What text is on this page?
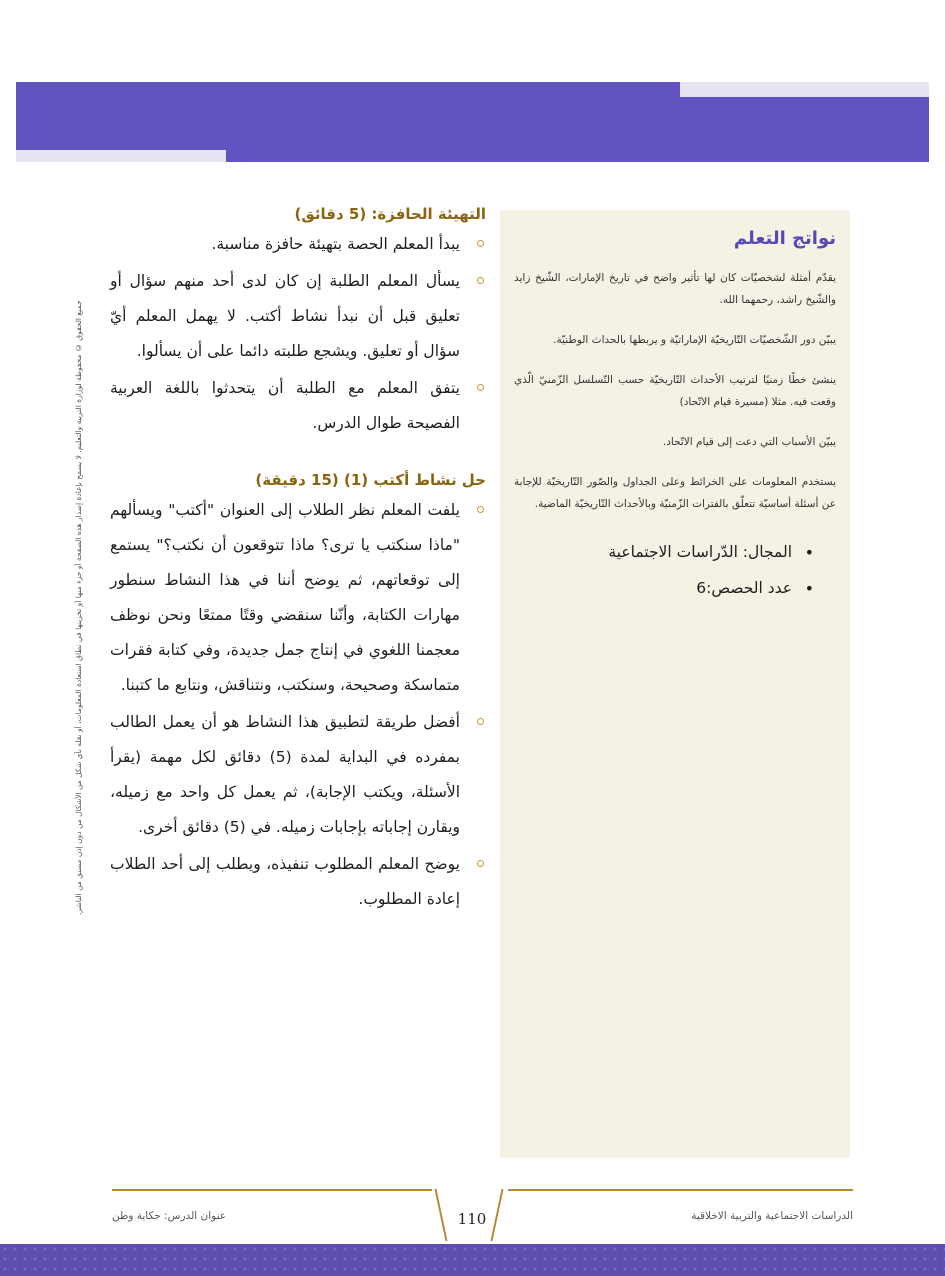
جميع الحقوق © محفوظة لوزارة التربية والتعليم. لا يسمح بإعادة إصدار هذه الصفحة أو جزء منها أو تخزينها في نطاق استعادة المعلومات، أو نقله بأي شكل من الأشكال من دون إذن مسبق من الناشر.
نواتج التعلم

يقدّم أمثلة لشخصيّات كان لها تأثير واضح في تاريخ الإمارات، الشّيخ زايد والشّيخ راشد، رحمهما الله.

يبيّن دور الشّخصيّات التّاريخيّة الإماراتيّة و يربطها بالحداث الوطنيّة.

ينشئ خطًا زمنيًا لترتيب الأحداث التّاريخيّة حسب التّسلسل الزّمنيّ الّذي وقعت فيه. مثلا (مسيرة قيام الاتّحاد)

يبيّن الأسباب التي دعت إلى قيام الاتّحاد.

يستخدم المعلومات على الخرائط وعلى الجداول والصّور التّاريخيّة للإجابة عن أسئلة أساسيّة تتعلّق بالفترات الزّمنيّة وبالأحداث التّاريخيّة الماضية.

• المجال: الدّراسات الاجتماعية
• عدد الحصص:6
التهيئة الحافزة: (5 دقائق)
يبدأ المعلم الحصة بتهيئة حافزة مناسبة.
يسأل المعلم الطلبة إن كان لدى أحد منهم سؤال أو تعليق قبل أن نبدأ نشاط أكتب. لا يهمل المعلم أيّ سؤال أو تعليق. ويشجع طلبته دائما على أن يسألوا.
يتفق المعلم مع الطلبة أن يتحدثوا باللغة العربية الفصيحة طوال الدرس.
حل نشاط أكتب (1) (15 دقيقة)
يلفت المعلم نظر الطلاب إلى العنوان "أكتب" ويسألهم "ماذا سنكتب يا ترى؟ ماذا تتوقعون أن نكتب؟" يستمع إلى توقعاتهم، ثم يوضح أننا في هذا النشاط سنطور مهارات الكتابة، وأنّنا سنقضي وقتًا ممتعًا ونحن نوظف معجمنا اللغوي في إنتاج جمل جديدة، وفي كتابة فقرات متماسكة وصحيحة، وسنكتب، ونتناقش، ونتابع ما كتبنا.
أفضل طريقة لتطبيق هذا النشاط هو أن يعمل الطالب بمفرده في البداية لمدة (5) دقائق لكل مهمة (يقرأ الأسئلة، ويكتب الإجابة)، ثم يعمل كل واحد مع زميله، ويقارن إجاباته بإجابات زميله. في (5) دقائق أخرى.
يوضح المعلم المطلوب تنفيذه، ويطلب إلى أحد الطلاب إعادة المطلوب.
الدراسات الاجتماعية والتربية الاخلاقية
110
عنوان الدرس: حكاية وطن
